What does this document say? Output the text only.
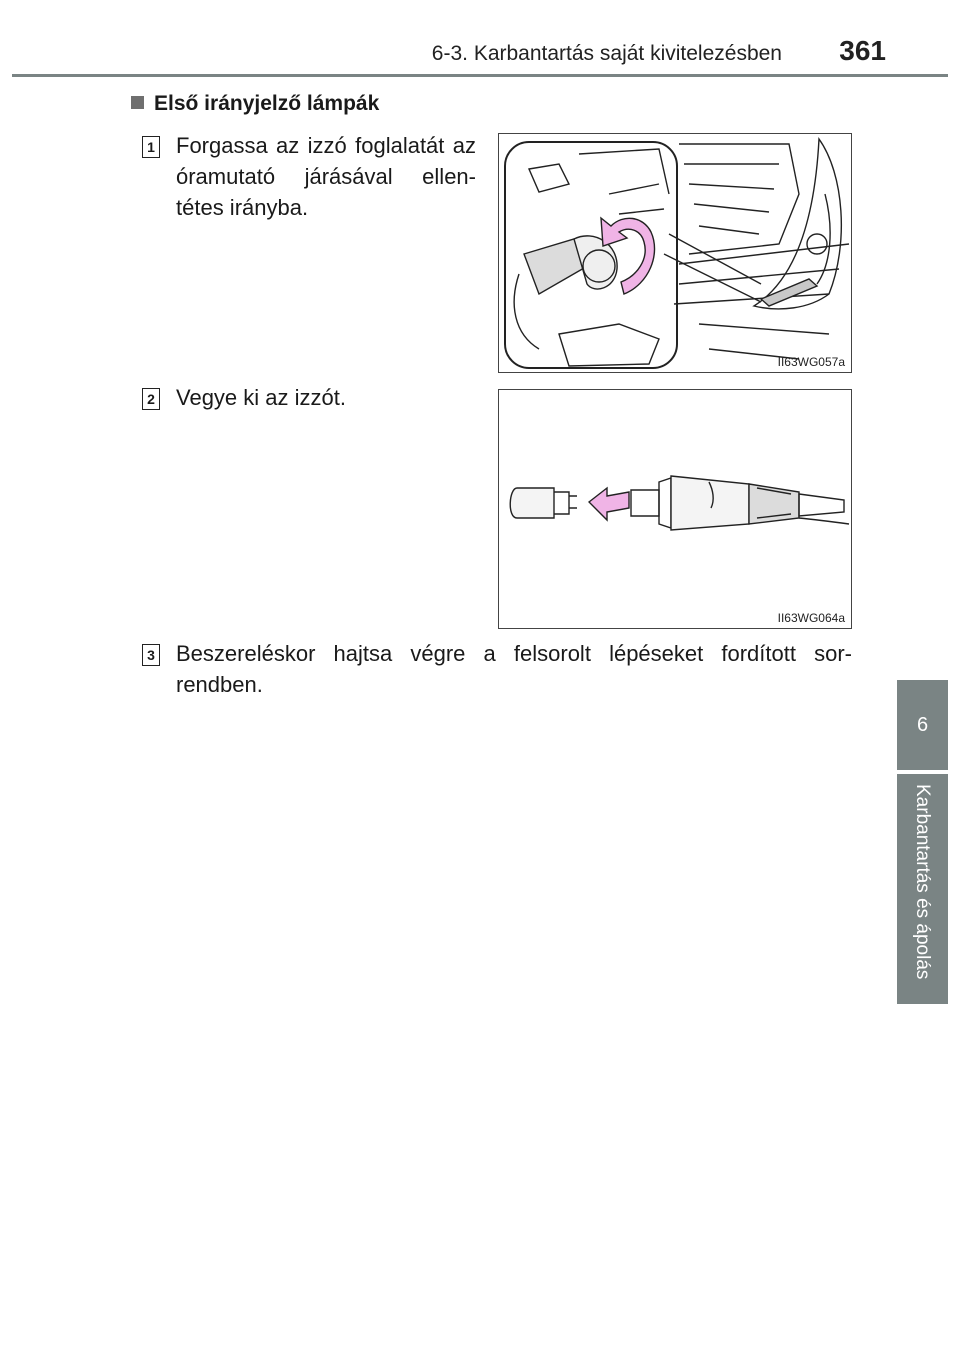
6-3. Karbantartás saját kivitelezésben 361
6
Karbantartás és ápolás
Első irányjelző lámpák
1 Forgassa az izzó foglalatát az óramutató járásával ellen-tétes irányba.
II63WG057a
2 Vegye ki az izzót.
II63WG064a
3 Beszereléskor hajtsa végre a felsorolt lépéseket fordított sor-rendben.
